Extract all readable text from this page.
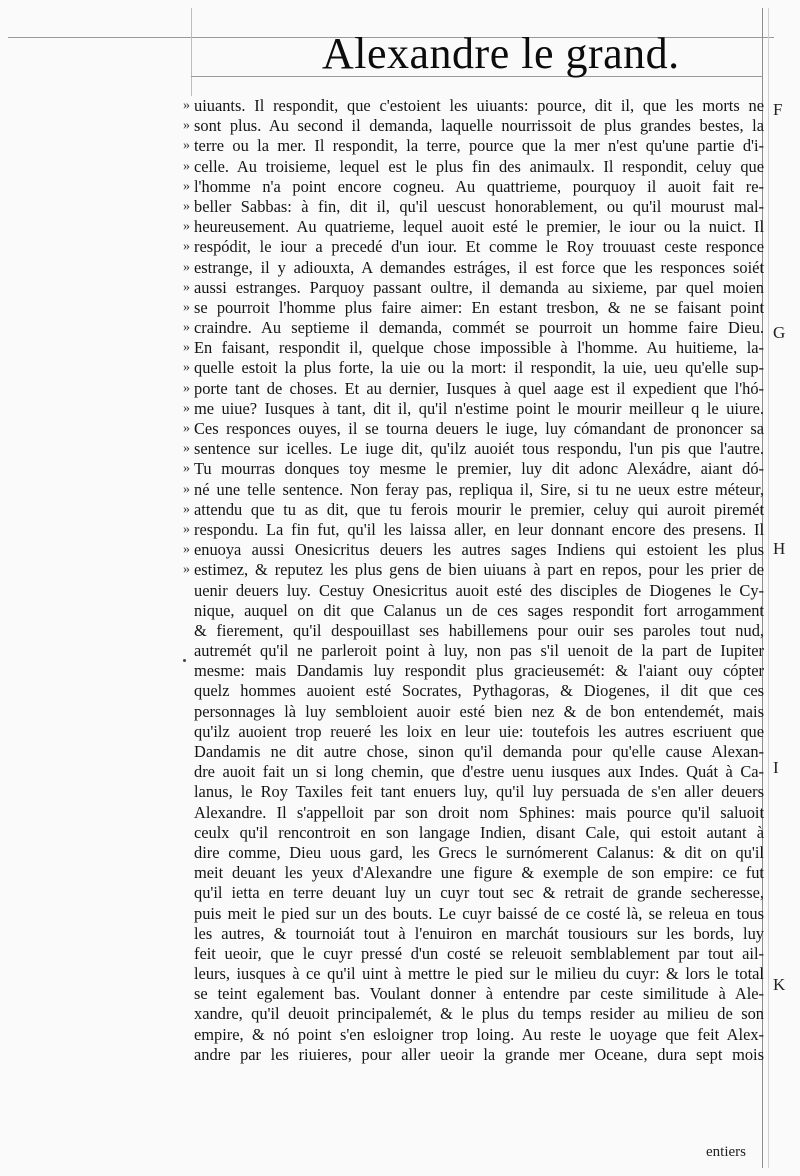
Alexandre le grand.
»
»
»
»
»
»
»
»
»
»
»
»
»
»
»
»
»
»
»
»
»
»
»
»
uiuants. Il respondit, que c'estoient les uiuants: pource, dit il, que les morts ne
sont plus. Au second il demanda, laquelle nourrissoit de plus grandes bestes, la
terre ou la mer. Il respondit, la terre, pource que la mer n'est qu'une partie d'i-
celle. Au troisieme, lequel est le plus fin des animaulx. Il respondit, celuy que
l'homme n'a point encore cogneu. Au quattrieme, pourquoy il auoit fait re-
beller Sabbas: à fin, dit il, qu'il uescust honorablement, ou qu'il mourust mal-
heureusement. Au quatrieme, lequel auoit esté le premier, le iour ou la nuict. Il
respódit, le iour a precedé d'un iour. Et comme le Roy trouuast ceste responce
estrange, il y adiouxta, A demandes estráges, il est force que les responces soiét
aussi estranges. Parquoy passant oultre, il demanda au sixieme, par quel moien
se pourroit l'homme plus faire aimer: En estant tresbon, & ne se faisant point
craindre. Au septieme il demanda, commét se pourroit un homme faire Dieu.
En faisant, respondit il, quelque chose impossible à l'homme. Au huitieme, la-
quelle estoit la plus forte, la uie ou la mort: il respondit, la uie, ueu qu'elle sup-
porte tant de choses. Et au dernier, Iusques à quel aage est il expedient que l'hó-
me uiue? Iusques à tant, dit il, qu'il n'estime point le mourir meilleur q le uiure.
Ces responces ouyes, il se tourna deuers le iuge, luy cómandant de prononcer sa
sentence sur icelles. Le iuge dit, qu'ilz auoiét tous respondu, l'un pis que l'autre.
Tu mourras donques toy mesme le premier, luy dit adonc Alexádre, aiant dó-
né une telle sentence. Non feray pas, repliqua il, Sire, si tu ne ueux estre méteur,
attendu que tu as dit, que tu ferois mourir le premier, celuy qui auroit piremét
respondu. La fin fut, qu'il les laissa aller, en leur donnant encore des presens. Il
enuoya aussi Onesicritus deuers les autres sages Indiens qui estoient les plus
estimez, & reputez les plus gens de bien uiuans à part en repos, pour les prier de
uenir deuers luy. Cestuy Onesicritus auoit esté des disciples de Diogenes le Cy-
nique, auquel on dit que Calanus un de ces sages respondit fort arrogamment
& fierement, qu'il despouillast ses habillemens pour ouir ses paroles tout nud,
autremét qu'il ne parleroit point à luy, non pas s'il uenoit de la part de Iupiter
mesme: mais Dandamis luy respondit plus gracieusemét: & l'aiant ouy cópter
quelz hommes auoient esté Socrates, Pythagoras, & Diogenes, il dit que ces
personnages là luy sembloient auoir esté bien nez & de bon entendemét, mais
qu'ilz auoient trop reueré les loix en leur uie: toutefois les autres escriuent que
Dandamis ne dit autre chose, sinon qu'il demanda pour qu'elle cause Alexan-
dre auoit fait un si long chemin, que d'estre uenu iusques aux Indes. Quát à Ca-
lanus, le Roy Taxiles feit tant enuers luy, qu'il luy persuada de s'en aller deuers
Alexandre. Il s'appelloit par son droit nom Sphines: mais pource qu'il saluoit
ceulx qu'il rencontroit en son langage Indien, disant Cale, qui estoit autant à
dire comme, Dieu uous gard, les Grecs le surnómerent Calanus: & dit on qu'il
meit deuant les yeux d'Alexandre une figure & exemple de son empire: ce fut
qu'il ietta en terre deuant luy un cuyr tout sec & retrait de grande secheresse,
puis meit le pied sur un des bouts. Le cuyr baissé de ce costé là, se releua en tous
les autres, & tournoiát tout à l'enuiron en marchát tousiours sur les bords, luy
feit ueoir, que le cuyr pressé d'un costé se releuoit semblablement par tout ail-
leurs, iusques à ce qu'il uint à mettre le pied sur le milieu du cuyr: & lors le total
se teint egalement bas. Voulant donner à entendre par ceste similitude à Ale-
xandre, qu'il deuoit principalemét, & le plus du temps resider au milieu de son
empire, & nó point s'en esloigner trop loing. Au reste le uoyage que feit Alex-
andre par les riuieres, pour aller ueoir la grande mer Oceane, dura sept mois
F
G
H
I
K
entiers
